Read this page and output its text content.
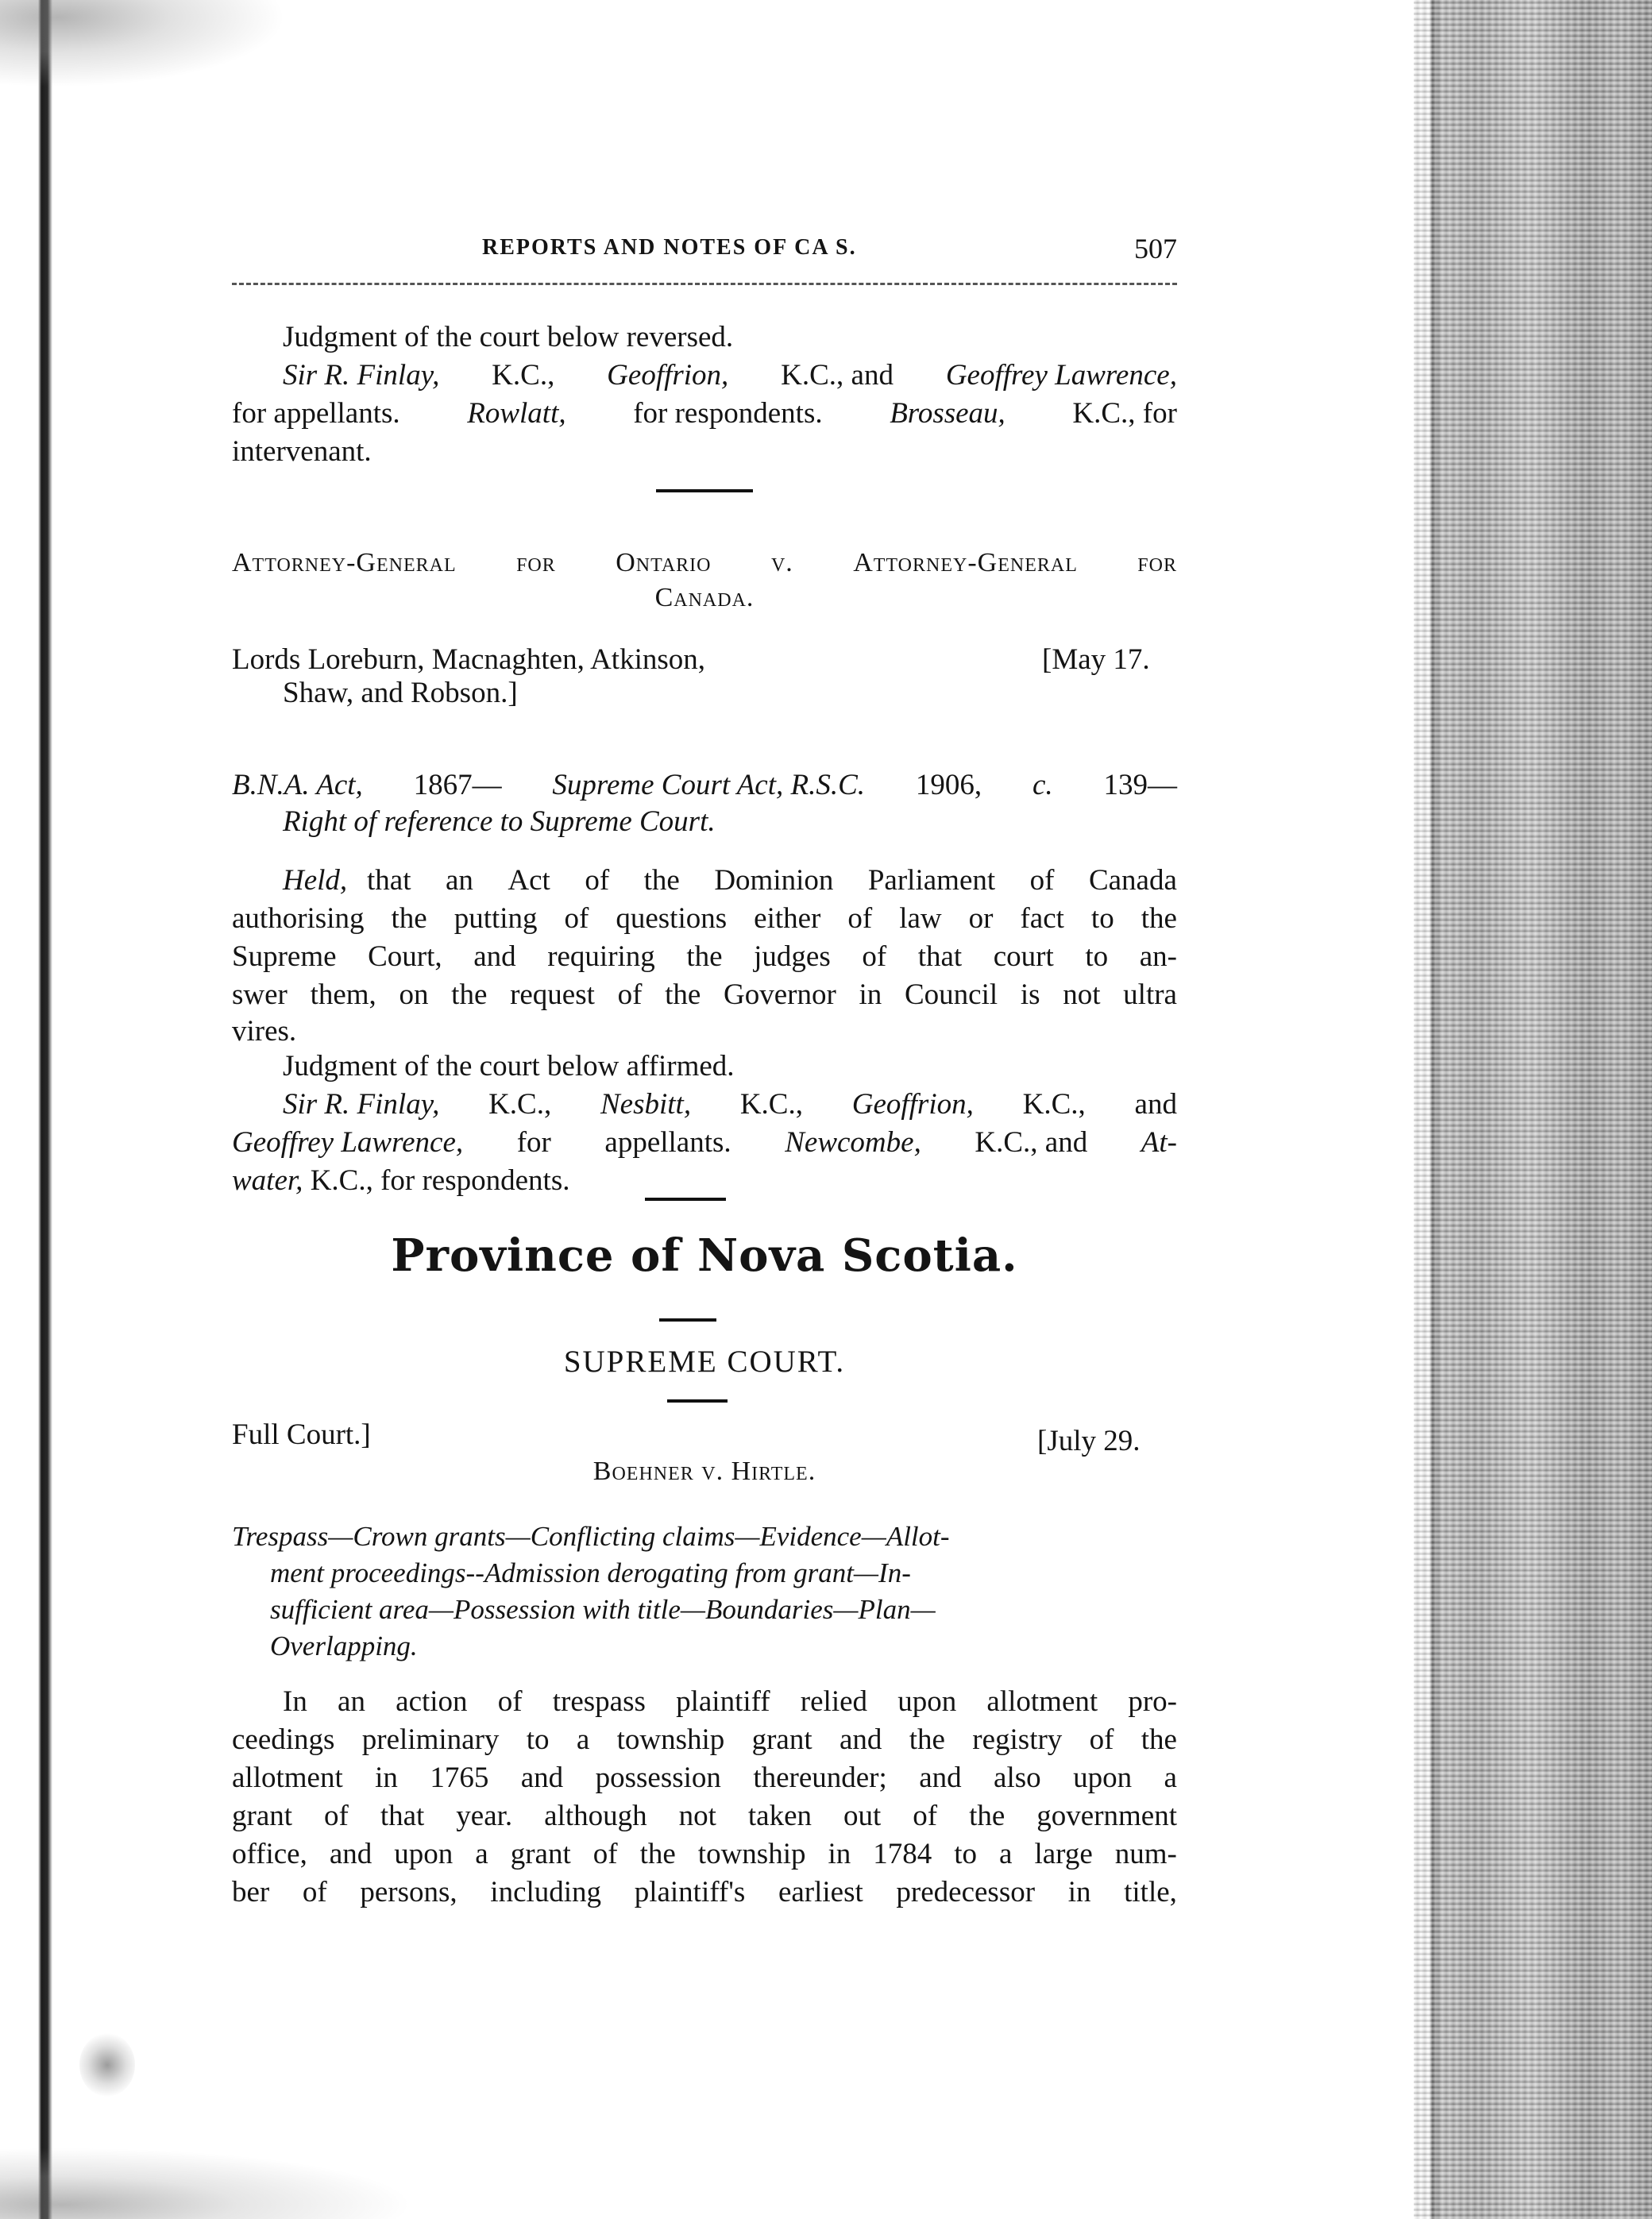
REPORTS AND NOTES OF CA S.	507
Judgment of the court below reversed.
Sir R. Finlay, K.C., Geoffrion, K.C., and Geoffrey Lawrence,
for appellants. Rowlatt, for respondents. Brosseau, K.C., for
intervenant.
Attorney-General for Ontario v. Attorney-General for
Canada.
Lords Loreburn, Macnaghten, Atkinson,	[May 17.
Shaw, and Robson.]
B.N.A. Act, 1867— Supreme Court Act, R.S.C. 1906, c. 139—
Right of reference to Supreme Court.
Held, that an Act of the Dominion Parliament of Canada
authorising the putting of questions either of law or fact to the
Supreme Court, and requiring the judges of that court to an-
swer them, on the request of the Governor in Council is not ultra
vires.
Judgment of the court below affirmed.
Sir R. Finlay, K.C., Nesbitt, K.C., Geoffrion, K.C., and
Geoffrey Lawrence, for appellants. Newcombe, K.C., and At-
water, K.C., for respondents.
Province of Nova Scotia.
SUPREME COURT.
Full Court.]	[July 29.
Boehner v. Hirtle.
Trespass—Crown grants—Conflicting claims—Evidence—Allot-
ment proceedings--Admission derogating from grant—In-
sufficient area—Possession with title—Boundaries—Plan—
Overlapping.
In an action of trespass plaintiff relied upon allotment pro-
ceedings preliminary to a township grant and the registry of the
allotment in 1765 and possession thereunder; and also upon a
grant of that year. although not taken out of the government
office, and upon a grant of the township in 1784 to a large num-
ber of persons, including plaintiff's earliest predecessor in title,
